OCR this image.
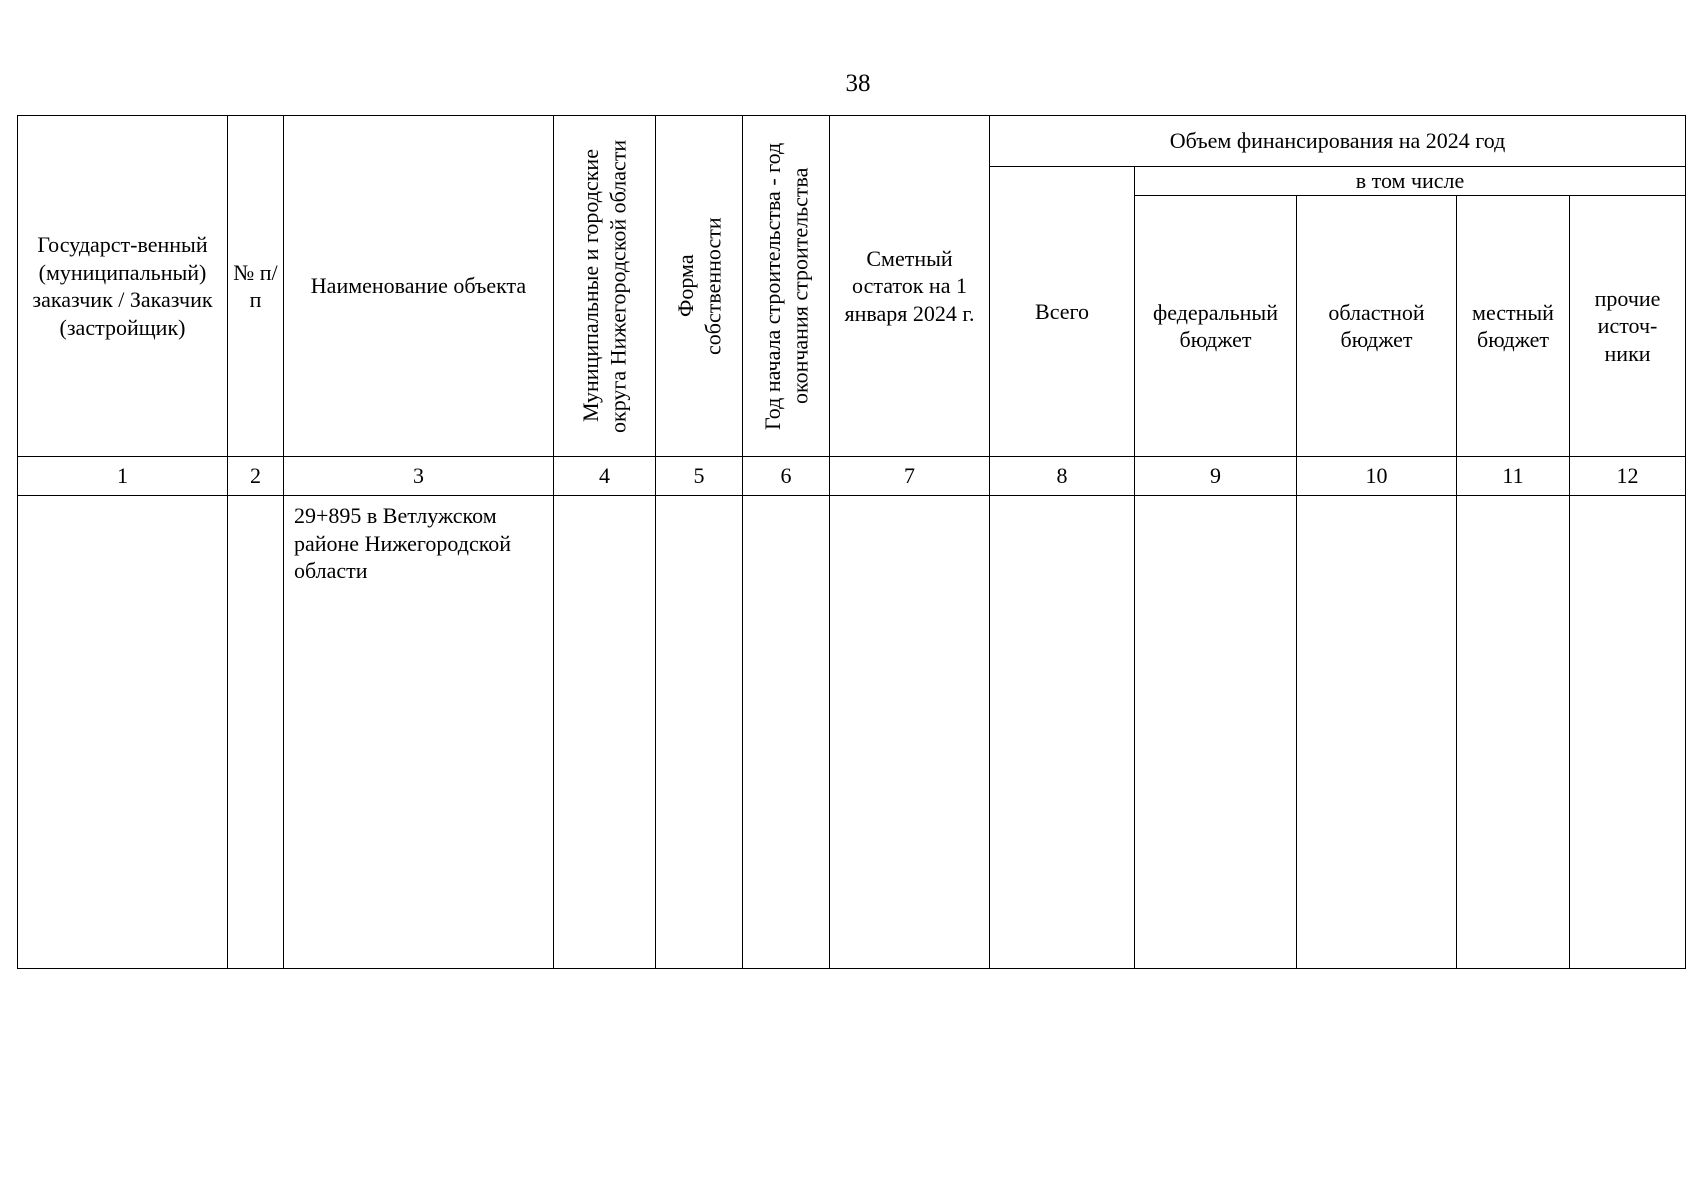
38
Государст-венный (муниципальный) заказчик / Заказчик (застройщик)	№ п/п	Наименование объекта	Муниципальные и городские округа Нижегородской области	Форма собственности	Год начала строительства - год окончания строительства	Сметный остаток на 1 января 2024 г.	Объем финансирования на 2024 год				
							Всего	в том числе			
								федеральный бюджет	областной бюджет	местный бюджет	прочие источ-ники
1	2	3	4	5	6	7	8	9	10	11	12
		29+895 в Ветлужском районе Нижегородской области									
